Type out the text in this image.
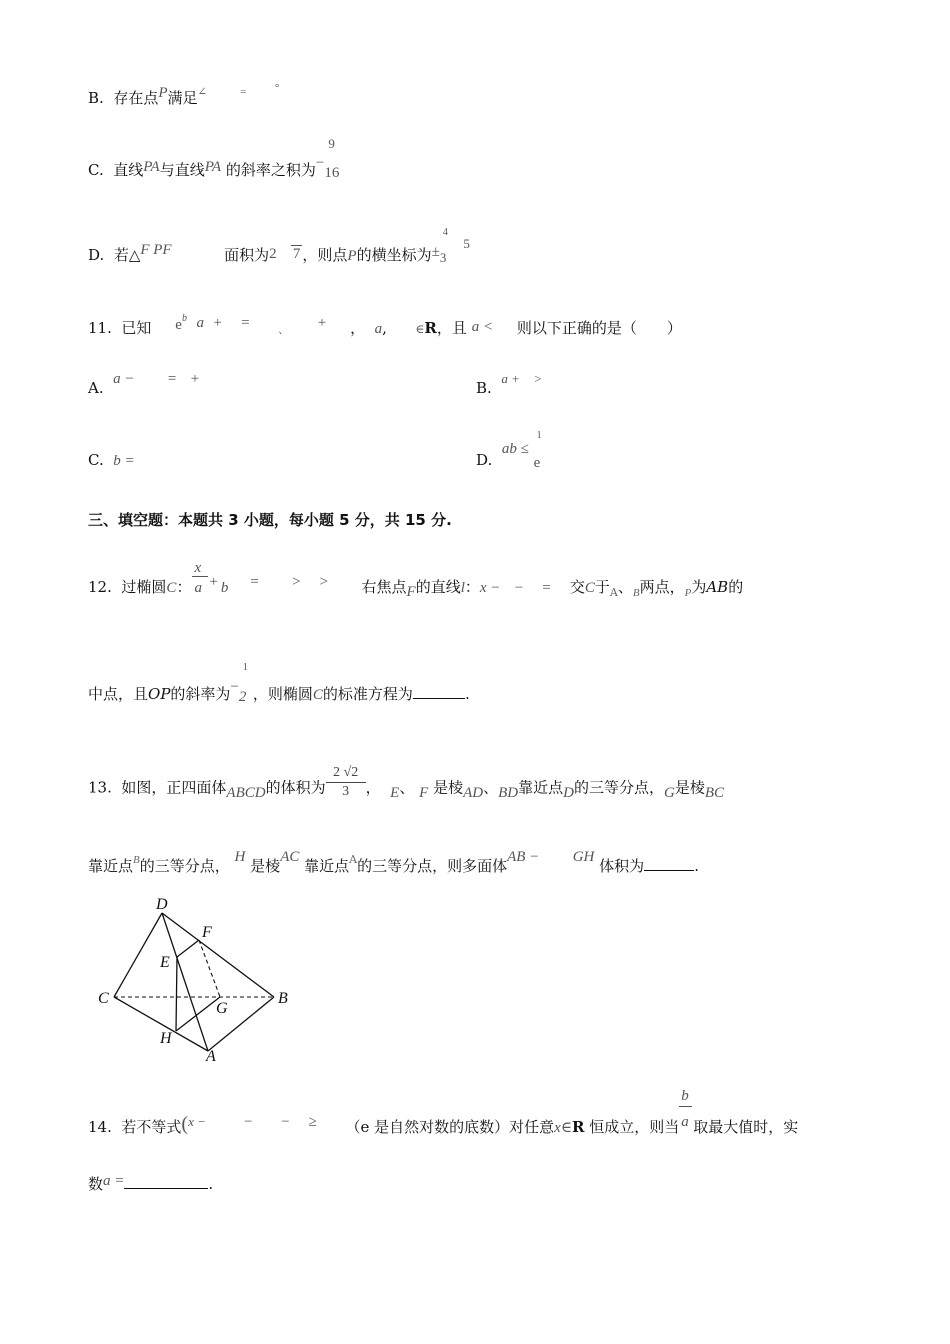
B. 存在点P满足∠	=	°
C. 直线PA与直线PA 的斜率之积为−
9
16
D. 若△F PF	面积为2 7 ，则点P的横坐标为±
4
3  5
11. 已知 $e^b$ a + =	、 + ， a,      ∈R，且 a < 则以下正确的是（　　）
A. a − = +	B.  a + >
C. b =	D.  ab ≤
1
e
三、填空题：本题共 3 小题，每小题 5 分，共 15 分.
12. 过椭圆C： $\frac{x}{a} + b$ = > > 右焦点F的直线l：x − − = 交C于$_A$、$_B$两点，$_P$为AB的
中点，且OP的斜率为−
1
2 ，则椭圆C的标准方程为	.
13. 如图，正四面体ABCD的体积为 $\frac{2 √2}{3}$ ， E、 F 是棱AD、BD靠近点D的三等分点，G是棱BC
靠近点$^B$的三等分点， H 是棱AC 靠近点$^A$的三等分点，则多面体AB − GH 体积为	.
D
F
E
C
G
B
H
A
14. 若不等式(x −	− − ≥ （e 是自然对数的底数）对任意x∈R 恒成立，则当 $\frac{b}{a}$ 取最大值时，实
数a =	.
